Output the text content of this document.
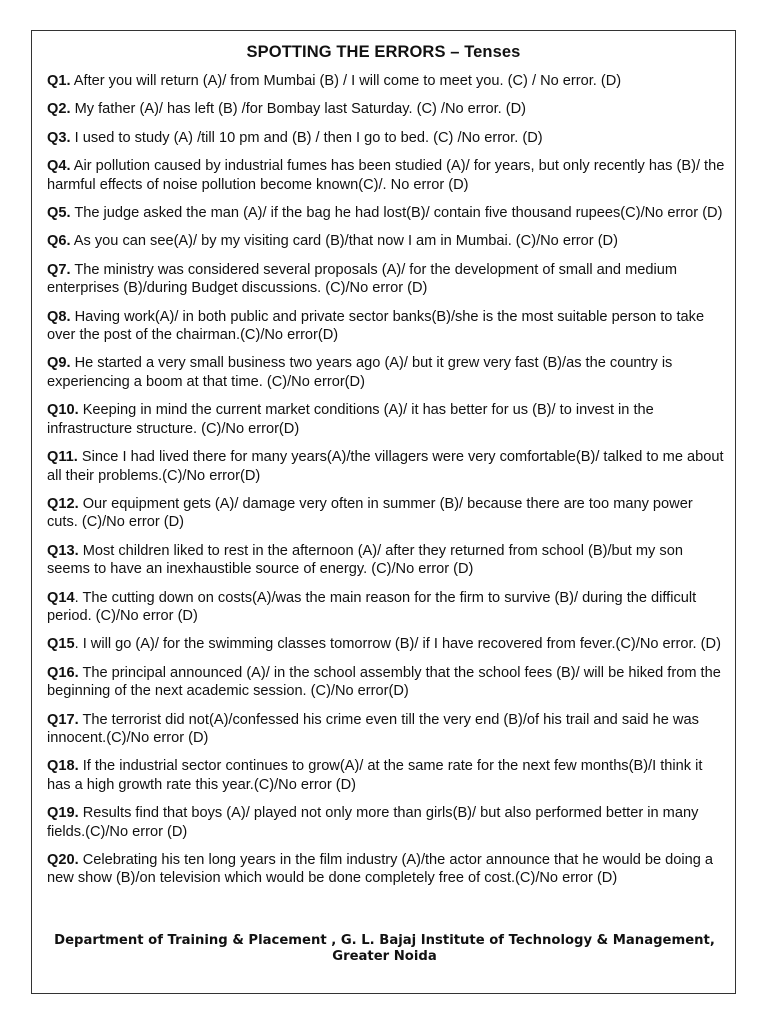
SPOTTING THE ERRORS – Tenses

Q1. After you will return (A)/ from Mumbai (B) / I will come to meet you. (C) / No error. (D)

Q2. My father (A)/ has left (B) /for Bombay last Saturday. (C) /No error. (D)

Q3. I used to study (A) /till 10 pm and (B) / then I go to bed. (C) /No error. (D)

Q4. Air pollution caused by industrial fumes has been studied (A)/ for years, but only recently has (B)/ the harmful effects of noise pollution become known(C)/. No error (D)

Q5. The judge asked the man (A)/ if the bag he had lost(B)/ contain five thousand rupees(C)/No error (D)

Q6. As you can see(A)/ by my visiting card (B)/that now I am in Mumbai. (C)/No error (D)

Q7. The ministry was considered several proposals (A)/ for the development of small and medium enterprises (B)/during Budget discussions. (C)/No error (D)

Q8. Having work(A)/ in both public and private sector banks(B)/she is the most suitable person to take over the post of the chairman.(C)/No error(D)

Q9. He started a very small business two years ago (A)/ but it grew very fast (B)/as the country is experiencing a boom at that time. (C)/No error(D)

Q10. Keeping in mind the current market conditions (A)/ it has better for us (B)/ to invest in the infrastructure structure. (C)/No error(D)

Q11. Since I had lived there for many years(A)/the villagers were very comfortable(B)/ talked to me about all their problems.(C)/No error(D)

Q12. Our equipment gets (A)/ damage very often in summer (B)/ because there are too many power cuts. (C)/No error (D)

Q13. Most children liked to rest in the afternoon (A)/ after they returned from school (B)/but my son seems to have an inexhaustible source of energy. (C)/No error (D)

Q14. The cutting down on costs(A)/was the main reason for the firm to survive (B)/ during the difficult period. (C)/No error (D)

Q15. I will go (A)/ for the swimming classes tomorrow (B)/ if I have recovered from fever.(C)/No error. (D)

Q16. The principal announced (A)/ in the school assembly that the school fees (B)/ will be hiked from the beginning of the next academic session. (C)/No error(D)

Q17. The terrorist did not(A)/confessed his crime even till the very end (B)/of his trail and said he was innocent.(C)/No error (D)

Q18. If the industrial sector continues to grow(A)/ at the same rate for the next few months(B)/I think it has a high growth rate this year.(C)/No error (D)

Q19. Results find that boys (A)/ played not only more than girls(B)/ but also performed better in many fields.(C)/No error (D)

Q20. Celebrating his ten long years in the film industry (A)/the actor announce that he would be doing a new show (B)/on television which would be done completely free of cost.(C)/No error (D)

Department of Training & Placement , G. L. Bajaj Institute of Technology & Management, Greater Noida
